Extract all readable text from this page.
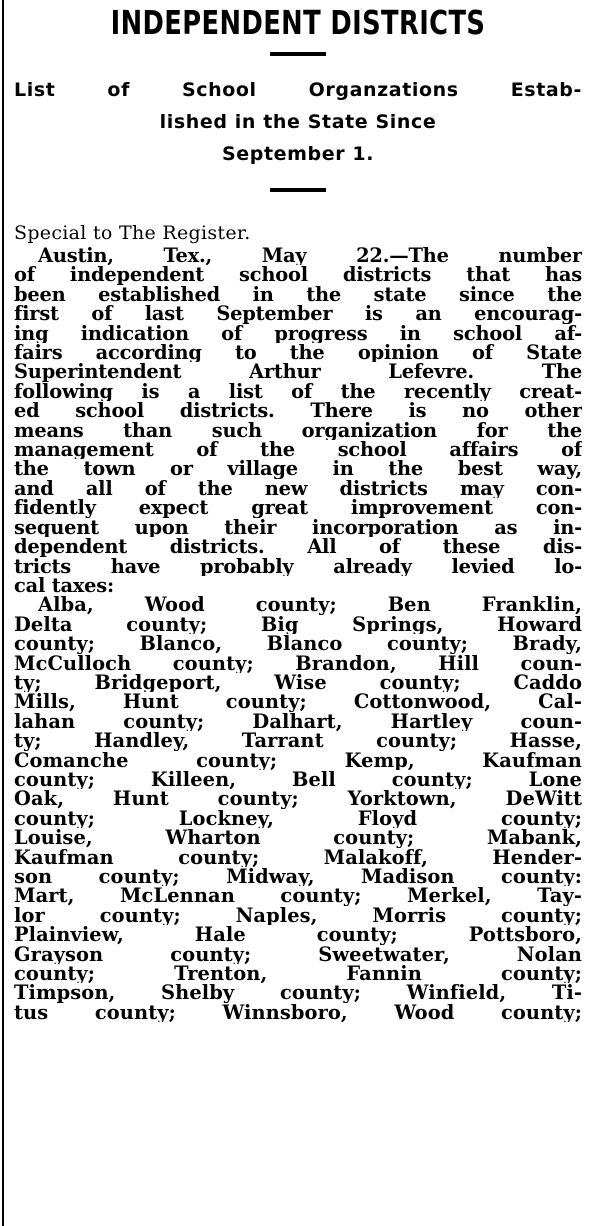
INDEPENDENT DISTRICTS
List of School Organzations Estab-
lished in the State Since
September 1.

Special to The Register.

Austin, Tex., May 22.—The number
of independent school districts that has
been established in the state since the
first of last September is an encourag-
ing indication of progress in school af-
fairs according to the opinion of State
Superintendent Arthur Lefevre. The
following is a list of the recently creat-
ed school districts. There is no other
means than such organization for the
management of the school affairs of
the town or village in the best way,
and all of the new districts may con-
fidently expect great improvement con-
sequent upon their incorporation as in-
dependent districts. All of these dis-
tricts have probably already levied lo-
cal taxes:
Alba, Wood county; Ben Franklin,
Delta county; Big Springs, Howard
county; Blanco, Blanco county; Brady,
McCulloch county; Brandon, Hill coun-
ty; Bridgeport, Wise county; Caddo
Mills, Hunt county; Cottonwood, Cal-
lahan county; Dalhart, Hartley coun-
ty; Handley, Tarrant county; Hasse,
Comanche county; Kemp, Kaufman
county; Killeen, Bell county; Lone
Oak, Hunt county; Yorktown, DeWitt
county; Lockney, Floyd county;
Louise, Wharton county; Mabank,
Kaufman county; Malakoff, Hender-
son county; Midway, Madison county:
Mart, McLennan county; Merkel, Tay-
lor county; Naples, Morris county;
Plainview, Hale county; Pottsboro,
Grayson county; Sweetwater, Nolan
county; Trenton, Fannin county;
Timpson, Shelby county; Winfield, Ti-
tus county; Winnsboro, Wood county;
